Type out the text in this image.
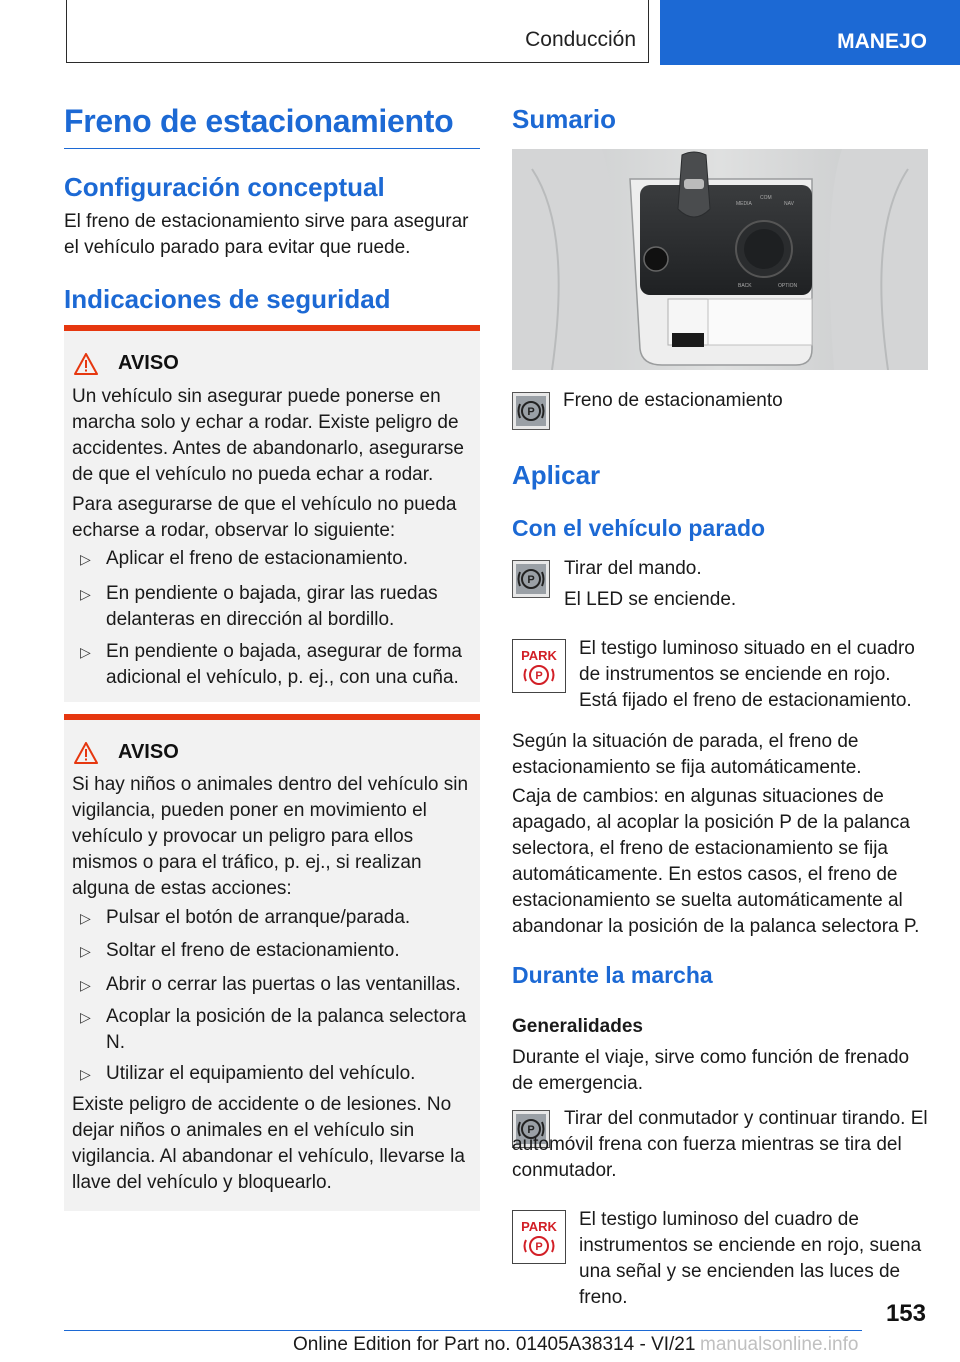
Conducción	MANEJO
Freno de estacionamiento
Configuración conceptual

El freno de estacionamiento sirve para asegurar el vehículo parado para evitar que ruede.

Indicaciones de seguridad
AVISO

Un vehículo sin asegurar puede ponerse en marcha solo y echar a rodar. Existe peligro de accidentes. Antes de abandonarlo, asegurarse de que el vehículo no pueda echar a rodar.

Para asegurarse de que el vehículo no pueda echarse a rodar, observar lo siguiente:

▷ Aplicar el freno de estacionamiento.
▷ En pendiente o bajada, girar las ruedas delanteras en dirección al bordillo.
▷ En pendiente o bajada, asegurar de forma adicional el vehículo, p. ej., con una cuña.
AVISO

Si hay niños o animales dentro del vehículo sin vigilancia, pueden poner en movimiento el vehículo y provocar un peligro para ellos mismos o para el tráfico, p. ej., si realizan alguna de estas acciones:

▷ Pulsar el botón de arranque/parada.
▷ Soltar el freno de estacionamiento.
▷ Abrir o cerrar las puertas o las ventanillas.
▷ Acoplar la posición de la palanca selectora N.
▷ Utilizar el equipamiento del vehículo.

Existe peligro de accidente o de lesiones. No dejar niños o animales en el vehículo sin vigilancia. Al abandonar el vehículo, llevarse la llave del vehículo y bloquearlo.

Sumario
MEDIA
COM
NAV
BACK	OPTION
P

Freno de estacionamiento

Aplicar
Con el vehículo parado
P

Tirar del mando.

El LED se enciende.

PARK
P

El testigo luminoso situado en el cuadro de instrumentos se enciende en rojo. Está fijado el freno de estacionamiento.

Según la situación de parada, el freno de estacionamiento se fija automáticamente.

Caja de cambios: en algunas situaciones de apagado, al acoplar la posición P de la palanca selectora, el freno de estacionamiento se fija automáticamente. En estos casos, el freno de estacionamiento se suelta automáticamente al abandonar la posición de la palanca selectora P.

Durante la marcha

Generalidades

Durante el viaje, sirve como función de frenado de emergencia.

P

Tirar del conmutador y continuar tirando. El automóvil frena con fuerza mientras se tira del conmutador.

PARK
P

El testigo luminoso del cuadro de instrumentos se enciende en rojo, suena una señal y se encienden las luces de freno.

153
Online Edition for Part no. 01405A38314 - VI/21 manualsonline.info
